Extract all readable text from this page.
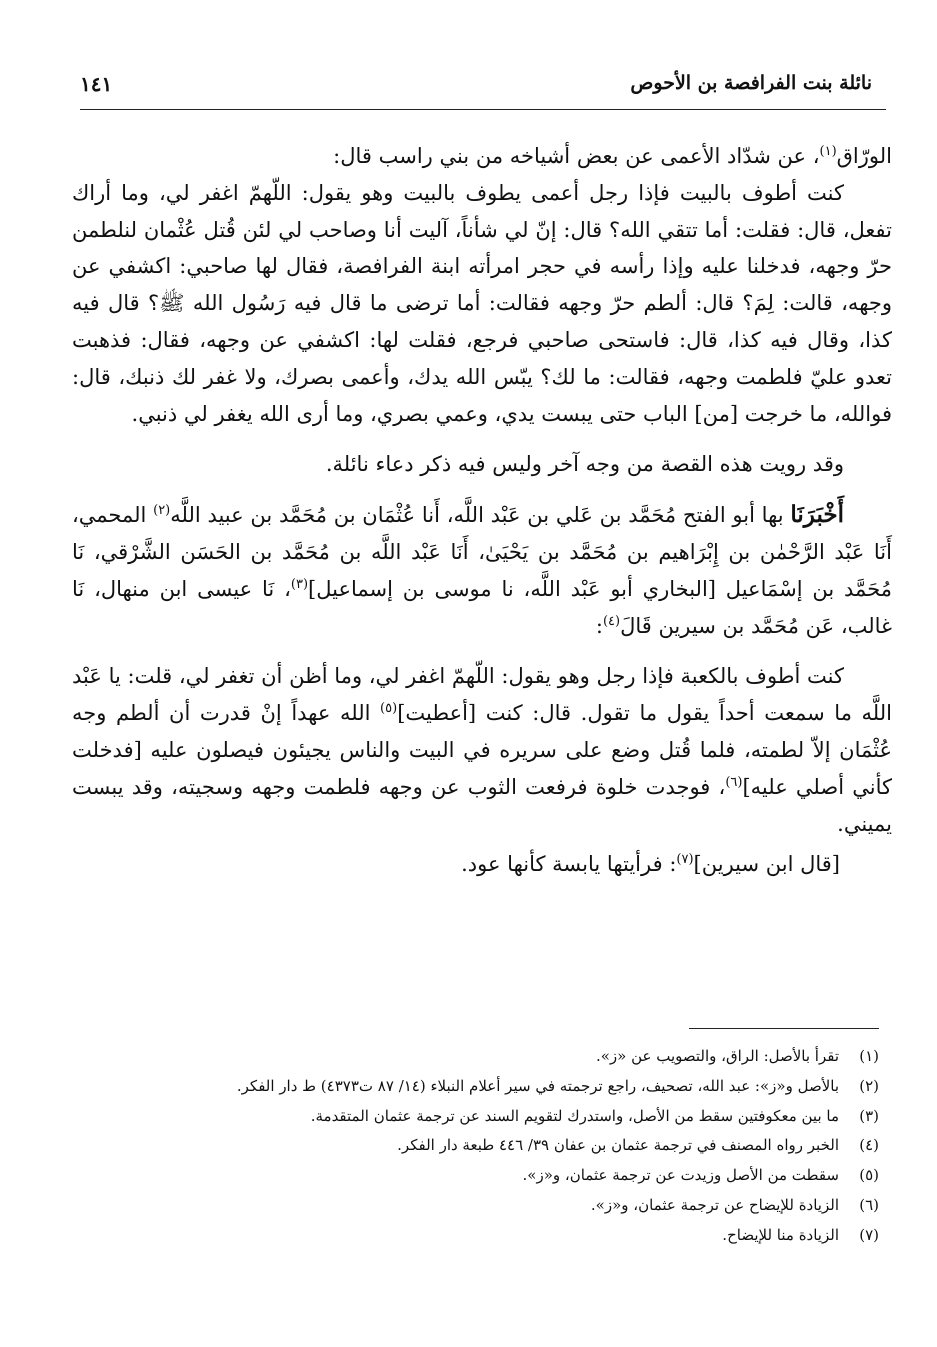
نائلة بنت الفرافصة بن الأحوص
١٤١

الورّاق$^{(١)}$، عن شدّاد الأعمى عن بعض أشياخه من بني راسب قال:

كنت أطوف بالبيت فإذا رجل أعمى يطوف بالبيت وهو يقول: اللّهمّ اغفر لي، وما أراك تفعل، قال: فقلت: أما تتقي الله؟ قال: إنّ لي شأناً، آليت أنا وصاحب لي لئن قُتل عُثْمان لنلطمن حرّ وجهه، فدخلنا عليه وإذا رأسه في حجر امرأته ابنة الفرافصة، فقال لها صاحبي: اكشفي عن وجهه، قالت: لِمَ؟ قال: ألطم حرّ وجهه فقالت: أما ترضى ما قال فيه رَسُول الله ﷺ؟ قال فيه كذا، وقال فيه كذا، قال: فاستحى صاحبي فرجع، فقلت لها: اكشفي عن وجهه، فقال: فذهبت تعدو عليّ فلطمت وجهه، فقالت: ما لك؟ يبّس الله يدك، وأعمى بصرك، ولا غفر لك ذنبك، قال: فوالله، ما خرجت [من] الباب حتى يبست يدي، وعمي بصري، وما أرى الله يغفر لي ذنبي.

وقد رويت هذه القصة من وجه آخر وليس فيه ذكر دعاء نائلة.

أَخْبَرَنَا بها أبو الفتح مُحَمَّد بن عَلي بن عَبْد اللَّه، أَنا عُثْمَان بن مُحَمَّد بن عبيد اللَّه$^{(٢)}$ المحمي، أَنَا عَبْد الرَّحْمٰن بن إِبْرَاهيم بن مُحَمَّد بن يَحْيَىٰ، أَنَا عَبْد اللَّه بن مُحَمَّد بن الحَسَن الشَّرْقي، نَا مُحَمَّد بن إسْمَاعيل [البخاري أبو عَبْد اللَّه، نا موسى بن إسماعيل]$^{(٣)}$، نَا عيسى ابن منهال، نَا غالب، عَن مُحَمَّد بن سيرين قَالَ$^{(٤)}$:

كنت أطوف بالكعبة فإذا رجل وهو يقول: اللّهمّ اغفر لي، وما أظن أن تغفر لي، قلت: يا عَبْد اللَّه ما سمعت أحداً يقول ما تقول. قال: كنت [أعطيت]$^{(٥)}$ الله عهداً إنْ قدرت أن ألطم وجه عُثْمَان إلاّ لطمته، فلما قُتل وضع على سريره في البيت والناس يجيئون فيصلون عليه [فدخلت كأني أصلي عليه]$^{(٦)}$، فوجدت خلوة فرفعت الثوب عن وجهه فلطمت وجهه وسجيته، وقد يبست يميني.

[قال ابن سيرين]$^{(٧)}$: فرأيتها يابسة كأنها عود.

(١)
تقرأ بالأصل: الراق، والتصويب عن «ز».
(٢)
بالأصل و«ز»: عبد الله، تصحيف، راجع ترجمته في سير أعلام النبلاء (١٤/ ٨٧ ت٤٣٧٣) ط دار الفكر.
(٣)
ما بين معكوفتين سقط من الأصل، واستدرك لتقويم السند عن ترجمة عثمان المتقدمة.
(٤)
الخبر رواه المصنف في ترجمة عثمان بن عفان ٣٩/ ٤٤٦ طبعة دار الفكر.
(٥)
سقطت من الأصل وزيدت عن ترجمة عثمان، و«ز».
(٦)
الزيادة للإيضاح عن ترجمة عثمان، و«ز».
(٧)
الزيادة منا للإيضاح.
